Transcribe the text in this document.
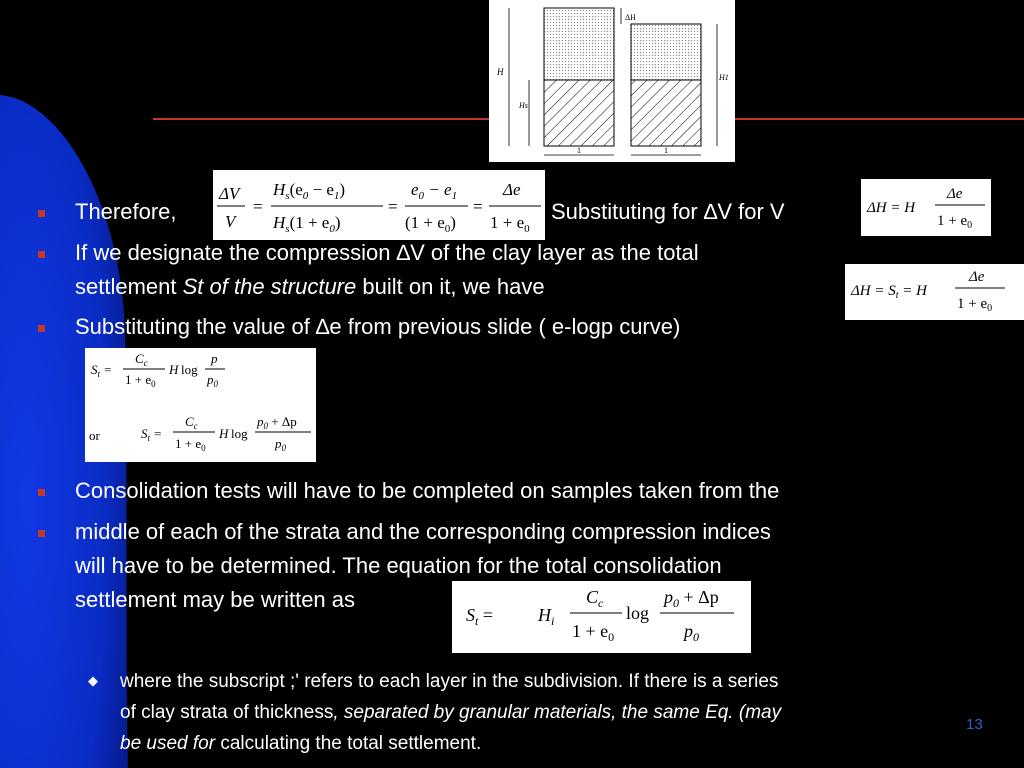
ΔH
H
Hs
H1
1	1
Therefore,
ΔV
V
=
$H_s(e_0 - e_1)$
$H_s(1 + e_0)$
=
$e_0 - e_1$
$(1 + e_0)$
=
Δe
$1 + e_0$
Substituting for ∆V for V	ΔH = H
Δe
$1 + e_0$
If we designate the compression ∆V of the clay layer as the total
settlement St of the structure built on it, we have	$\Delta H = S_t = H$
Δe
$1 + e_0$
Substituting the value of ∆e from previous slide ( e-logp curve)
$S_t$ =
$C_c$
$1 + e_0$
H log
p
$p_0$
or	$S_t$ =
$C_c$
$1 + e_0$
H log
$p_0 + \Delta p$
$p_0$
Consolidation tests will have to be completed on samples taken from the
middle of each of the strata and the corresponding compression indices
will have to be determined. The equation for the total consolidation
settlement may be written as
$S_t$ =	$H_i$
$C_c$
$1 + e_0$
log
$p_0 + \Delta p$
$p_0$
◆ where the subscript ;' refers to each layer in the subdivision. If there is a series
of clay strata of thickness, separated by granular materials, the same Eq. (may
be used for calculating the total settlement.
13
